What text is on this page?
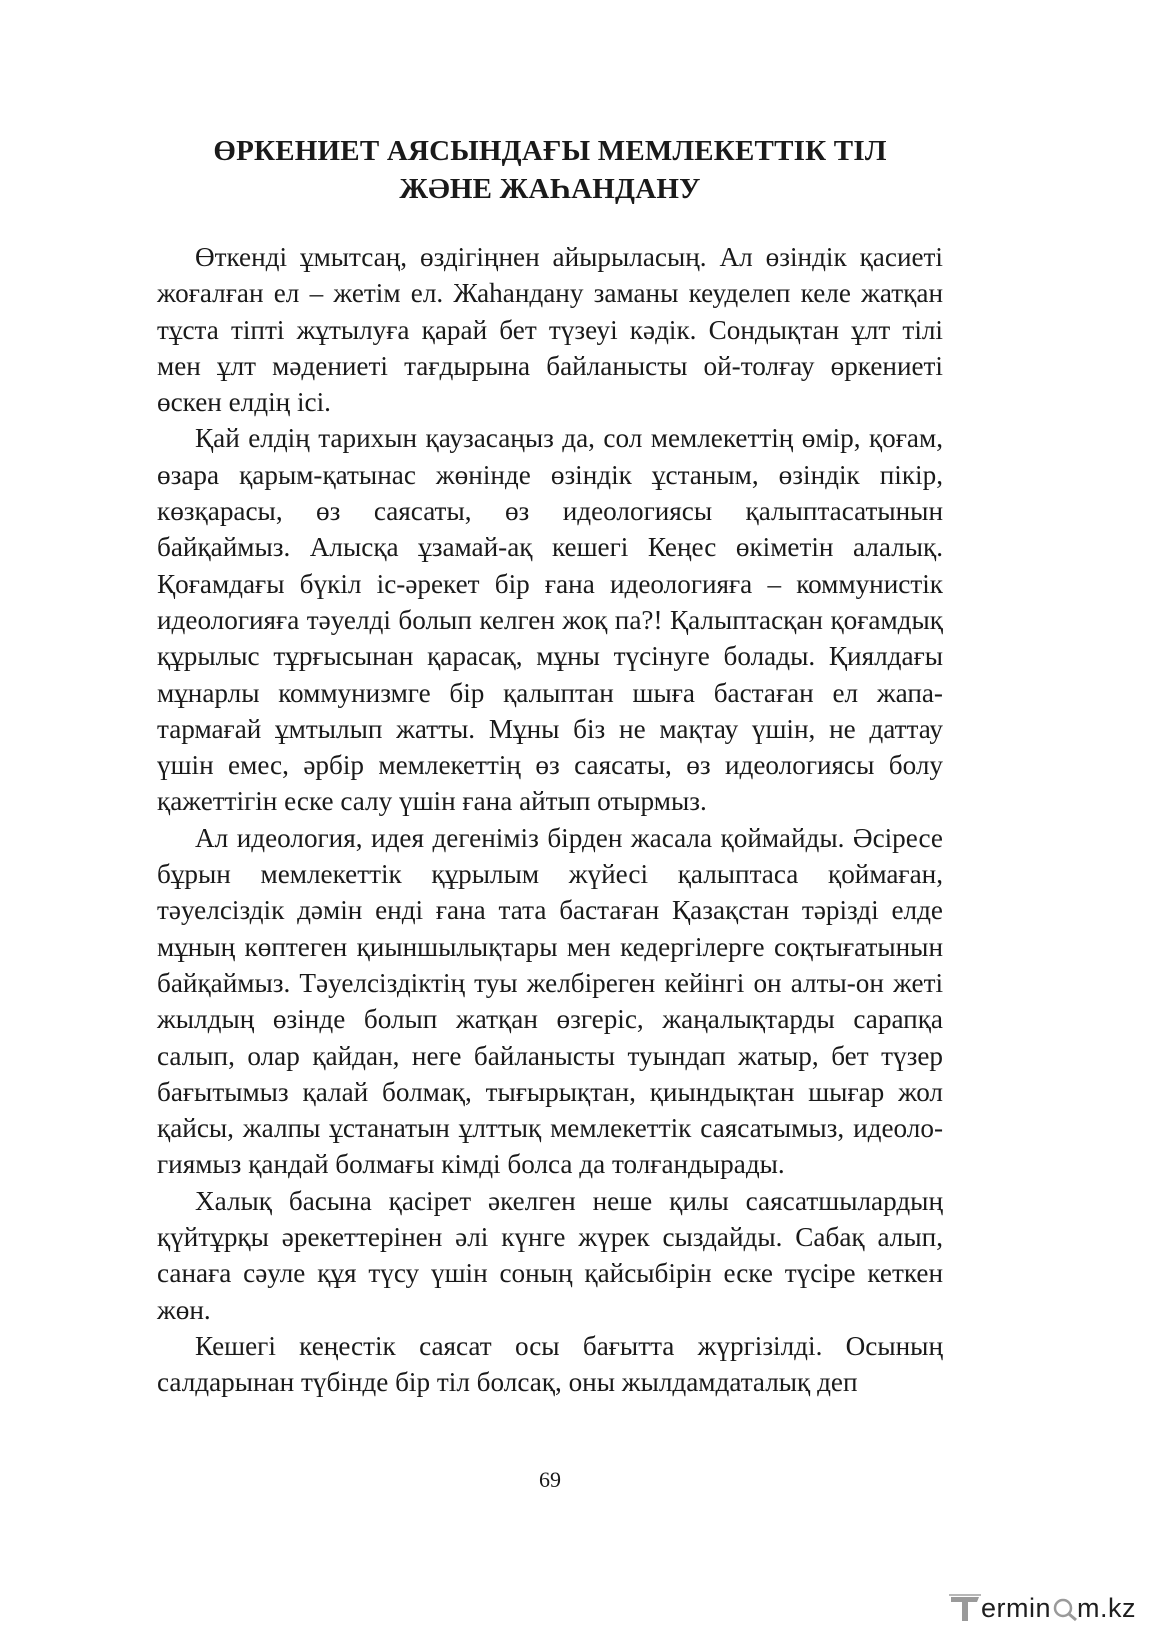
ӨРКЕНИЕТ АЯСЫНДАҒЫ МЕМЛЕКЕТТІК ТІЛ
ЖӘНЕ ЖАҺАНДАНУ

Өткенді ұмытсаң, өздігіңнен айырыласың. Ал өзіндік қасиеті жоғалған ел – жетім ел. Жаһандану заманы кеуделеп келе жатқан тұста тіпті жұтылуға қарай бет түзеуі кәдік. Сондықтан ұлт тілі мен ұлт мәдениеті тағдырына байланысты ой-толғау өркениеті өскен елдің ісі.

Қай елдің тарихын қаузасаңыз да, сол мемлекеттің өмір, қоғам, өзара қарым-қатынас жөнінде өзіндік ұстаным, өзіндік пікір, көзқарасы, өз саясаты, өз идеологиясы қалыптасатынын байқаймыз. Алысқа ұзамай-ақ кешегі Кеңес өкіметін алалық. Қоғамдағы бүкіл іс-әрекет бір ғана идеологияға – коммунистік идеологияға тәуелді болып келген жоқ па?! Қалыптасқан қоғамдық құрылыс тұрғысынан қарасақ, мұны түсінуге болады. Қиялдағы мұнарлы коммунизмге бір қалыптан шыға бастаған ел жапа-тармағай ұмтылып жатты. Мұны біз не мақтау үшін, не даттау үшін емес, әрбір мемлекеттің өз саясаты, өз идеологиясы болу қажеттігін еске салу үшін ғана айтып отырмыз.

Ал идеология, идея дегеніміз бірден жасала қоймайды. Әсіресе бұрын мемлекеттік құрылым жүйесі қалыптаса қоймаған, тәуелсіздік дәмін енді ғана тата бастаған Қазақстан тәрізді елде мұның көптеген қиыншылықтары мен кедергілерге соқтығатынын байқаймыз. Тәуелсіздіктің туы желбіреген кейінгі он алты-он жеті жылдың өзінде болып жатқан өзгеріс, жаңалықтарды сарапқа салып, олар қайдан, неге байланысты туындап жатыр, бет түзер бағытымыз қалай болмақ, тығырықтан, қиындықтан шығар жол қайсы, жалпы ұстанатын ұлттық мемлекеттік саясатымыз, идеологиямыз қандай болмағы кімді болса да толғандырады.

Халық басына қасірет әкелген неше қилы саясатшылардың қүйтұрқы әрекеттерінен әлі күнге жүрек сыздайды. Сабақ алып, санаға сәуле құя түсу үшін соның қайсыбірін еске түсіре кеткен жөн.

Кешегі кеңестік саясат осы бағытта жүргізілді. Осының салдарынан түбінде бір тіл болсақ, оны жылдамдаталық деп

69
ermin m.kz
